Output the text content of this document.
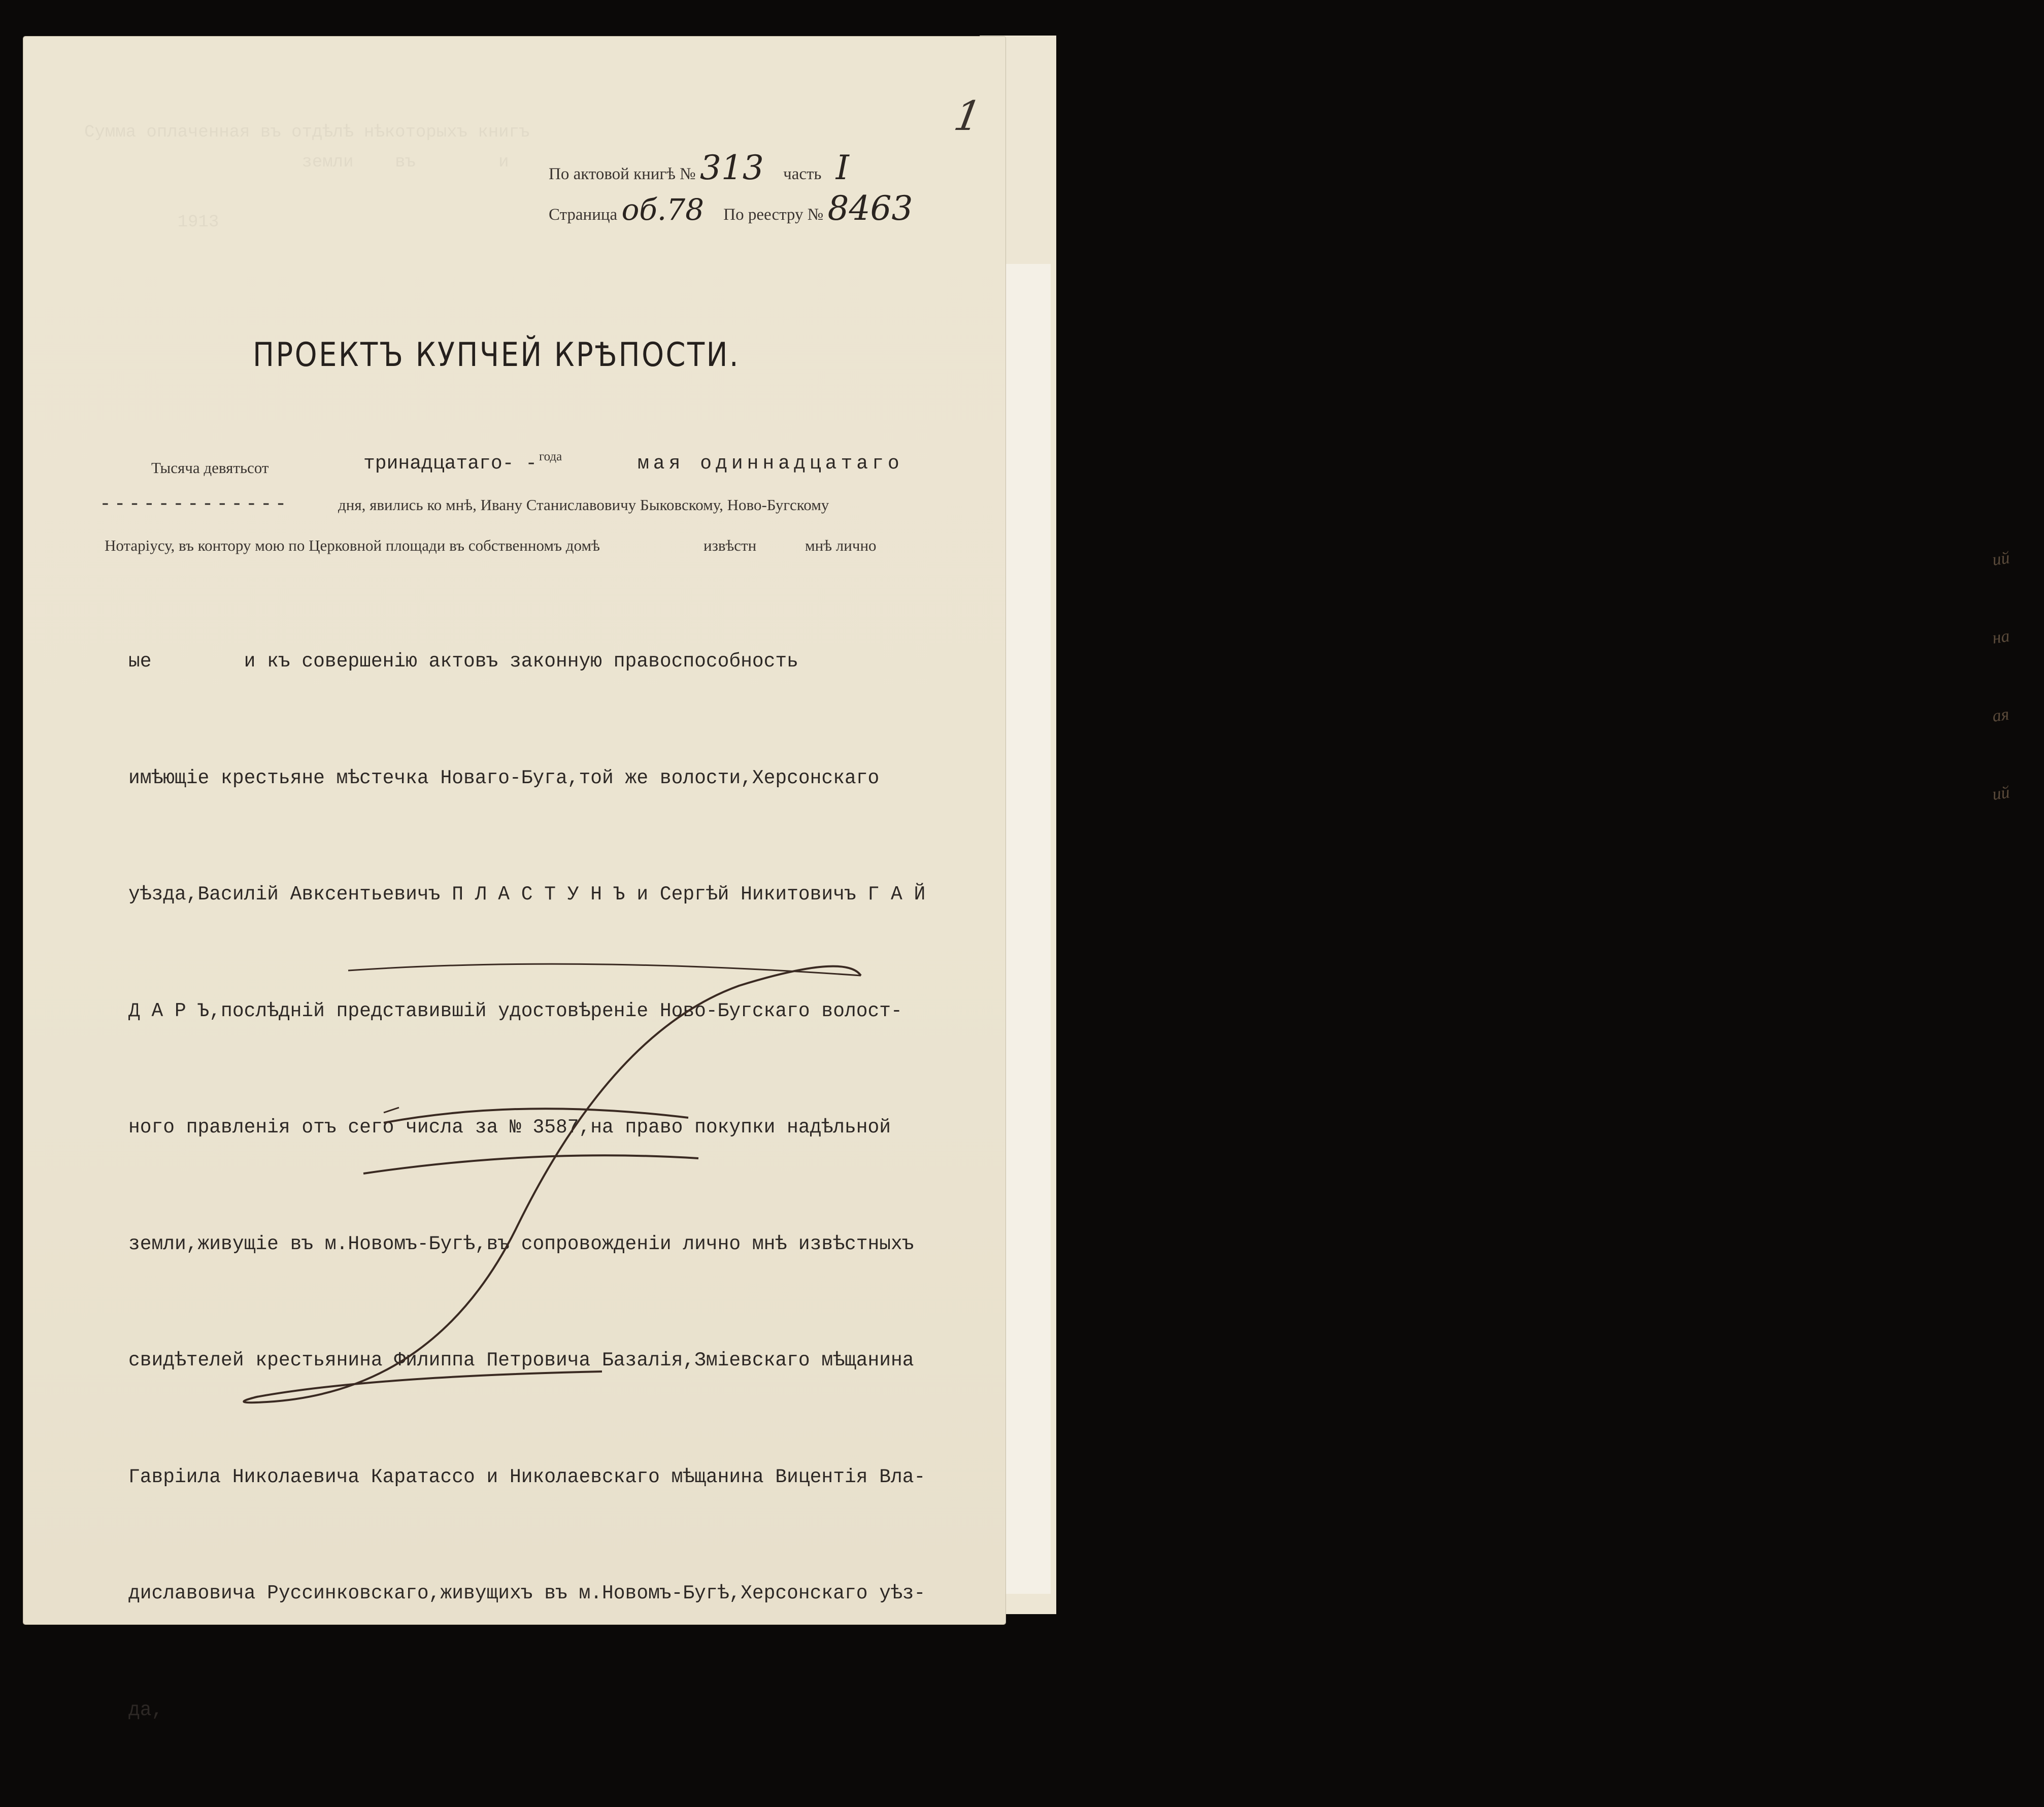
ий
на
ая
ий
Сумма оплаченная въ отдѣлѣ нѣкоторыхъ книгъ
земли    въ        и

1913
1
По актовой книгѣ № 313 часть I
Страница об.78 По реестру № 8463
ПРОЕКТЪ КУПЧЕЙ КРѢПОСТИ.
Тысяча девятьсот	тринадцатаго- - года	мая одиннадцатаго
-------------	дня, явились ко мнѣ, Ивану Станиславовичу Быковскому, Ново-Бугскому
Нотаріусу, въ контору мою по Церковной площади въ собственномъ домѣ	извѣстн	мнѣ лично

ые        и къ совершенію актовъ законную правоспособность

имѣющіе крестьяне мѣстечка Новаго-Буга,той же волости,Херсонскаго

уѣзда,Василій Авксентьевичъ П Л А С Т У Н Ъ и Сергѣй Никитовичъ Г А Й

Д А Р Ъ,послѣдній представившій удостовѣреніе Ново-Бугскаго волост-

ного правленія отъ сего числа за № 3587,на право покупки надѣльной

земли,живущіе въ м.Новомъ-Бугѣ,въ сопровожденіи лично мнѣ извѣстныхъ

свидѣтелей крестьянина Филиппа Петровича Базалія,Зміевскаго мѣщанина

Гавріила Николаевича Каратассо и Николаевскаго мѣщанина Вицентія Вла-

диславовича Руссинковскаго,живущихъ въ м.Новомъ-Бугѣ,Херсонскаго уѣз-

да,
